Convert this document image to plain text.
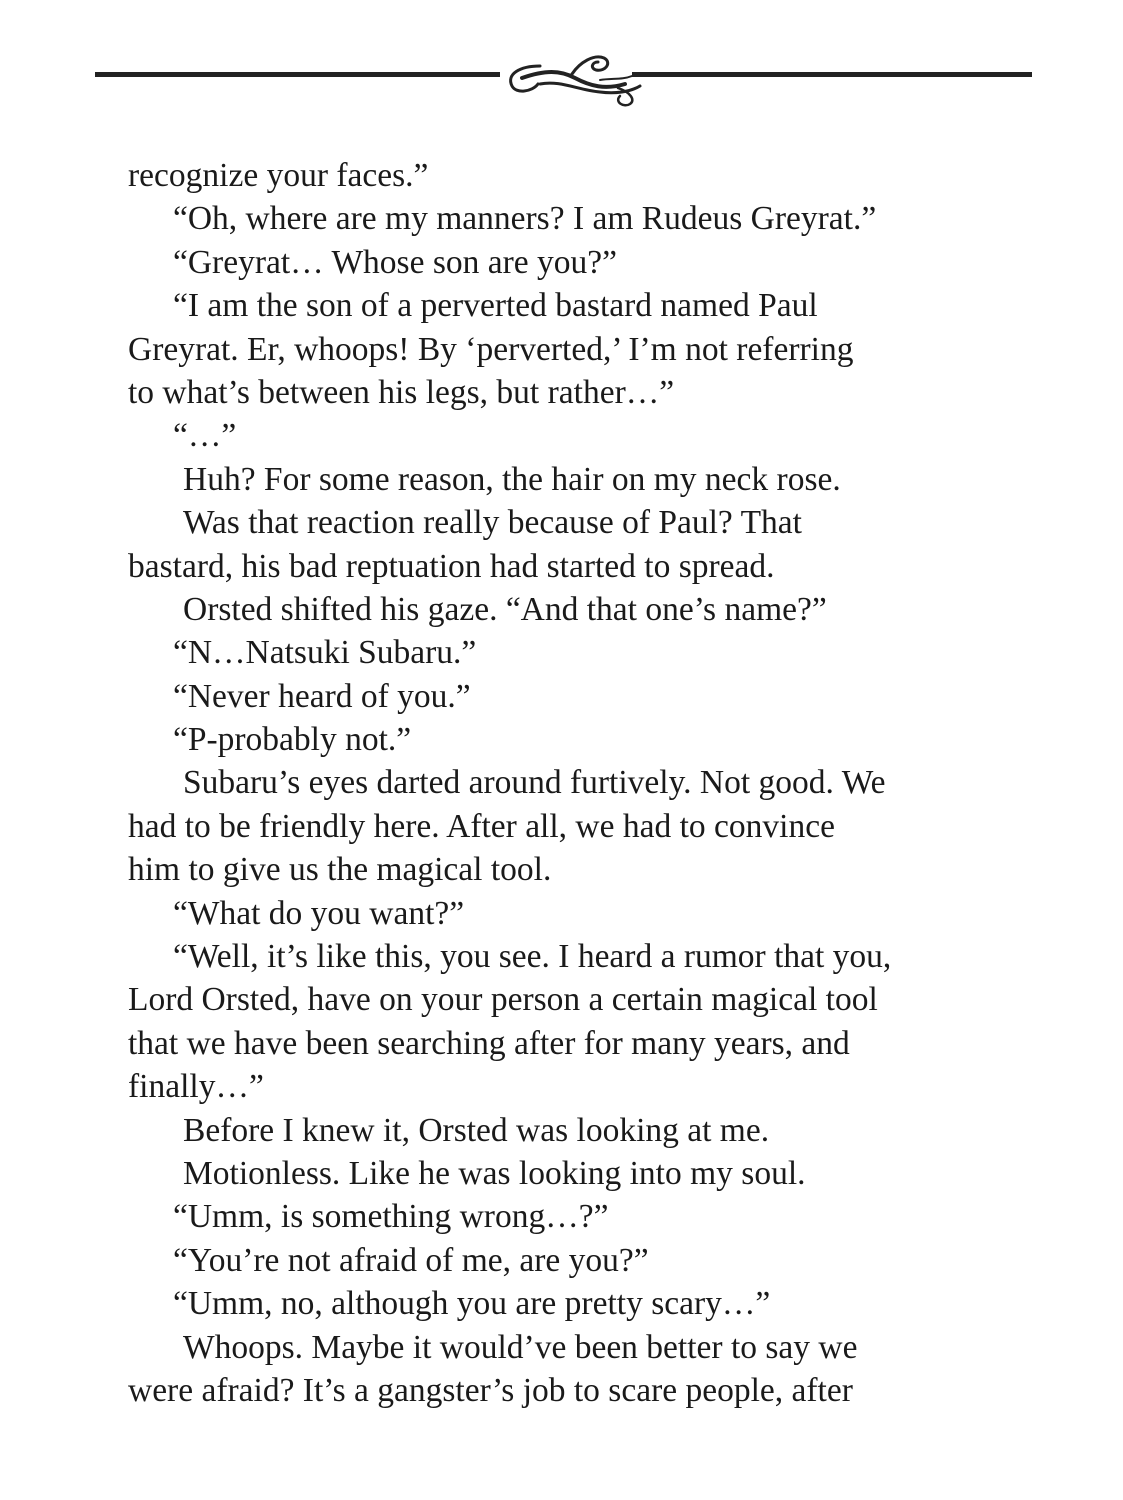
recognize your faces.”
“Oh, where are my manners? I am Rudeus Greyrat.”
“Greyrat… Whose son are you?”
“I am the son of a perverted bastard named Paul
Greyrat. Er, whoops! By ‘perverted,’ I’m not referring
to what’s between his legs, but rather…”
“…”
Huh? For some reason, the hair on my neck rose.
Was that reaction really because of Paul? That
bastard, his bad reptuation had started to spread.
Orsted shifted his gaze. “And that one’s name?”
“N…Natsuki Subaru.”
“Never heard of you.”
“P-probably not.”
Subaru’s eyes darted around furtively. Not good. We
had to be friendly here. After all, we had to convince
him to give us the magical tool.
“What do you want?”
“Well, it’s like this, you see. I heard a rumor that you,
Lord Orsted, have on your person a certain magical tool
that we have been searching after for many years, and
finally…”
Before I knew it, Orsted was looking at me.
Motionless. Like he was looking into my soul.
“Umm, is something wrong…?”
“You’re not afraid of me, are you?”
“Umm, no, although you are pretty scary…”
Whoops. Maybe it would’ve been better to say we
were afraid? It’s a gangster’s job to scare people, after
